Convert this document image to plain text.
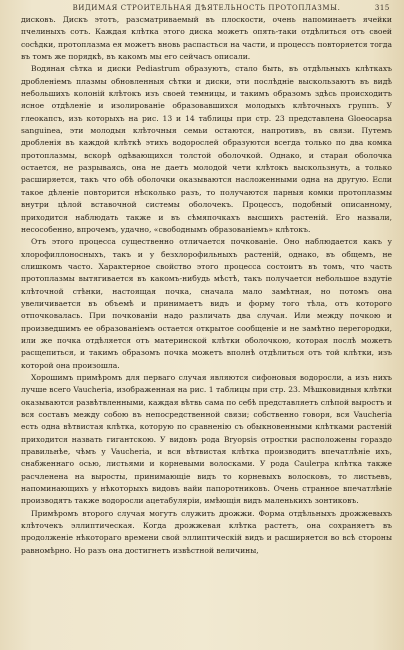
ВИДИМАЯ СТРОИТЕЛЬНАЯ ДѢЯТЕЛЬНОСТЬ ПРОТОПЛАЗМЫ.	315

дисковъ. Дискъ этотъ, разсматриваемый въ плоскости, очень напоминаетъ ячейки пчелиныхъ сотъ. Каждая клѣтка этого диска можетъ опять-таки отдѣлиться отъ своей сосѣдки, протоплазма ея можетъ вновь распасться на части, и процессъ повторяется тогда въ томъ же порядкѣ, въ какомъ мы его сейчасъ описали.

Водяная сѣтка и диски Pediastrum образуютъ, стало быть, въ отдѣльныхъ клѣткахъ дробленіемъ плазмы обновленныя сѣтки и диски, эти послѣдніе выскользаютъ въ видѣ небольшихъ колоній клѣтокъ изъ своей темницы, и такимъ образомъ здѣсь происходитъ ясное отдѣленіе и изолированіе образовавшихся молодыхъ клѣточныхъ группъ. У глеокапсъ, изъ которыхъ на рис. 13 и 14 таблицы при стр. 23 представлена Gloeocapsa sanguinea, эти молодыя клѣточныя семьи остаются, напротивъ, въ связи. Путемъ дробленія въ каждой клѣткѣ этихъ водорослей образуются всегда только по два комка протоплазмы, вскорѣ одѣвающихся толстой оболочкой. Однако, и старая оболочка остается, не разрываясь, она не даетъ молодой чети клѣтокъ выскользнуть, а только расширяется, такъ что обѣ оболочки оказываются насложенными одна на другую. Если такое дѣленіе повторится нѣсколько разъ, то получаются парныя комки протоплазмы внутри цѣлой вставочной системы оболочекъ. Процессъ, подобный описанному, приходится наблюдать также и въ сѣмяпочкахъ высшихъ растеній. Его назвали, несособенно, впрочемъ, удачно, «свободнымъ образованіемъ» клѣтокъ.

Отъ этого процесса существенно отличается почкованіе. Оно наблюдается какъ у хлорофиллоносныхъ, такъ и у безхлорофильныхъ растеній, однако, въ общемъ, не слишкомъ часто. Характерное свойство этого процесса состоитъ въ томъ, что часть протоплазмы вытягивается въ какомъ-нибудь мѣстѣ, такъ получается небольшое вздутіе клѣточной стѣнки, настоящая почка, сначала мало замѣтная, но потомъ она увеличивается въ объемѣ и принимаетъ видъ и форму того тѣла, отъ которого отпочковалась. При почкованіи надо различать два случая. Или между почкою и произведшимъ ее образованіемъ остается открытое сообщеніе и не замѣтно перегородки, или же почка отдѣляется отъ материнской клѣтки оболочкою, которая послѣ можетъ расщепиться, и такимъ образомъ почка можетъ вполнѣ отдѣлиться отъ той клѣтки, изъ которой она произошла.

Хорошимъ примѣромъ для перваго случая являются сифоновыя водоросли, а изъ нихъ лучше всего Vaucheria, изображенная на рис. 1 таблицы при стр. 23. Мѣшковидныя клѣтки оказываются развѣтвленными, каждая вѣтвь сама по себѣ представляетъ слѣпой выростъ и вся составъ между собою въ непосредственной связи; собственно говоря, вся Vaucheria есть одна вѣтвистая клѣтка, которую по сравненію съ обыкновенными клѣтками растеній приходится назвать гигантскою. У видовъ рода Bryopsis отростки расположены гораздо правильнѣе, чѣмъ у Vaucheria, и вся вѣтвистая клѣтка производитъ впечатлѣніе ихъ, снабженнаго осью, листьями и корневыми волосками. У рода Caulerpa клѣтка также расчленена на выросты, принимающіе видъ то корневыхъ волосковъ, то листьевъ, напоминающихъ у нѣкоторыхъ видовъ вайи папоротниковъ. Очень странное впечатлѣніе производятъ также водоросли ацетабуляріи, имѣющія видъ маленькихъ зонтиковъ.

Примѣромъ второго случая могутъ служить дрожжи. Форма отдѣльныхъ дрожжевыхъ клѣточекъ эллиптическая. Когда дрожжевая клѣтка растетъ, она сохраняетъ въ продолженіе нѣкотораго времени свой эллиптическій видъ и расширяется во всѣ стороны равномѣрно. Но разъ она достигнетъ извѣстной величины,
